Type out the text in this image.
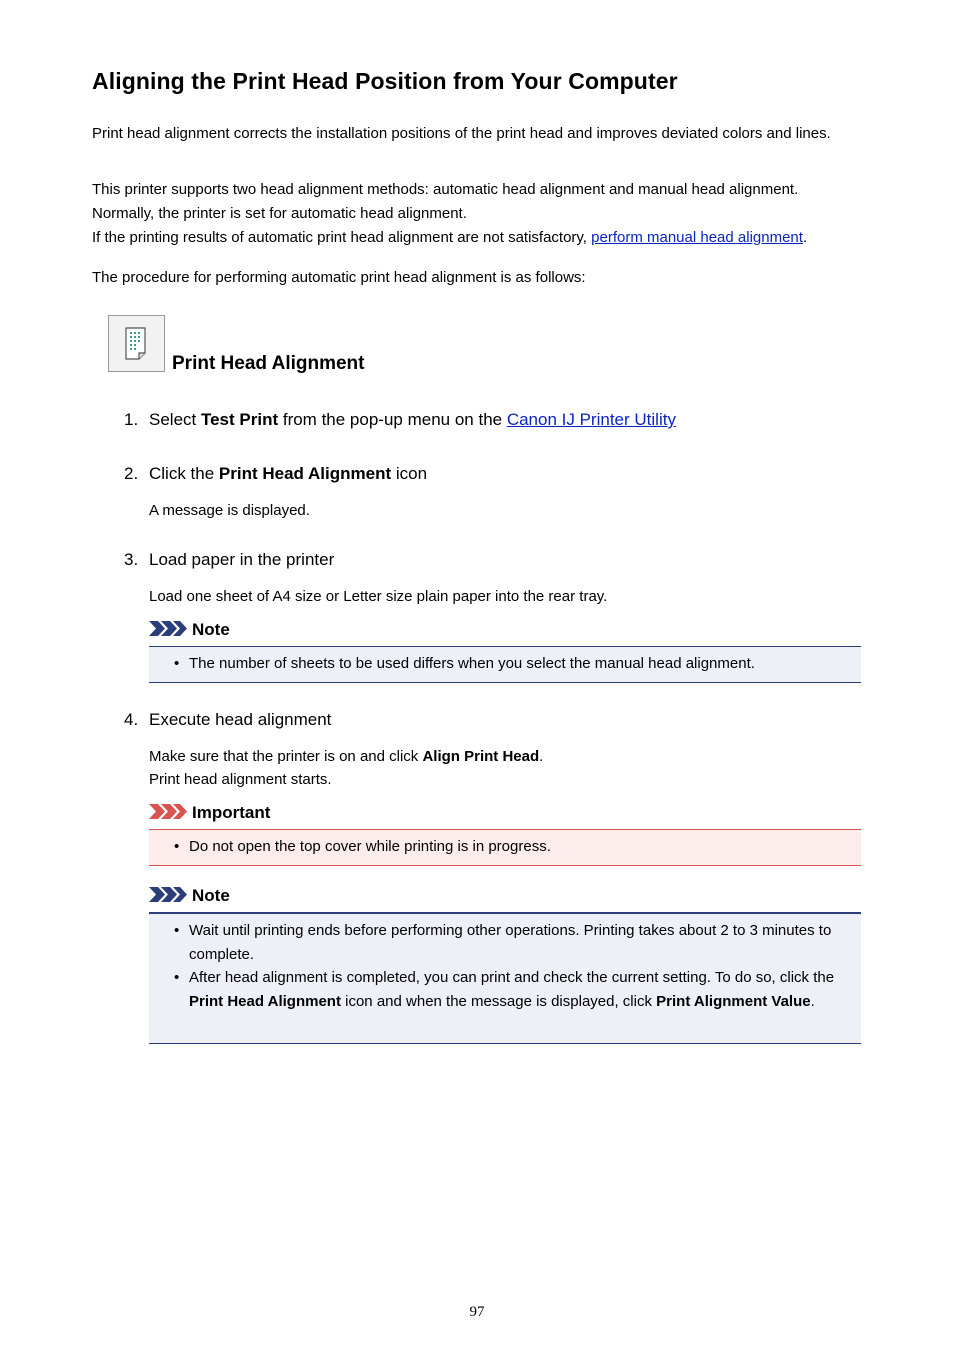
Aligning the Print Head Position from Your Computer

Print head alignment corrects the installation positions of the print head and improves deviated colors and lines.

This printer supports two head alignment methods: automatic head alignment and manual head alignment.
Normally, the printer is set for automatic head alignment.
If the printing results of automatic print head alignment are not satisfactory, perform manual head alignment.

The procedure for performing automatic print head alignment is as follows:

Print Head Alignment
1. Select Test Print from the pop-up menu on the Canon IJ Printer Utility
2. Click the Print Head Alignment icon
A message is displayed.
3. Load paper in the printer
Load one sheet of A4 size or Letter size plain paper into the rear tray.
Note
• The number of sheets to be used differs when you select the manual head alignment.
4. Execute head alignment
Make sure that the printer is on and click Align Print Head.
Print head alignment starts.
Important
• Do not open the top cover while printing is in progress.
Note
• Wait until printing ends before performing other operations. Printing takes about 2 to 3 minutes to complete.
• After head alignment is completed, you can print and check the current setting. To do so, click the Print Head Alignment icon and when the message is displayed, click Print Alignment Value.
97
